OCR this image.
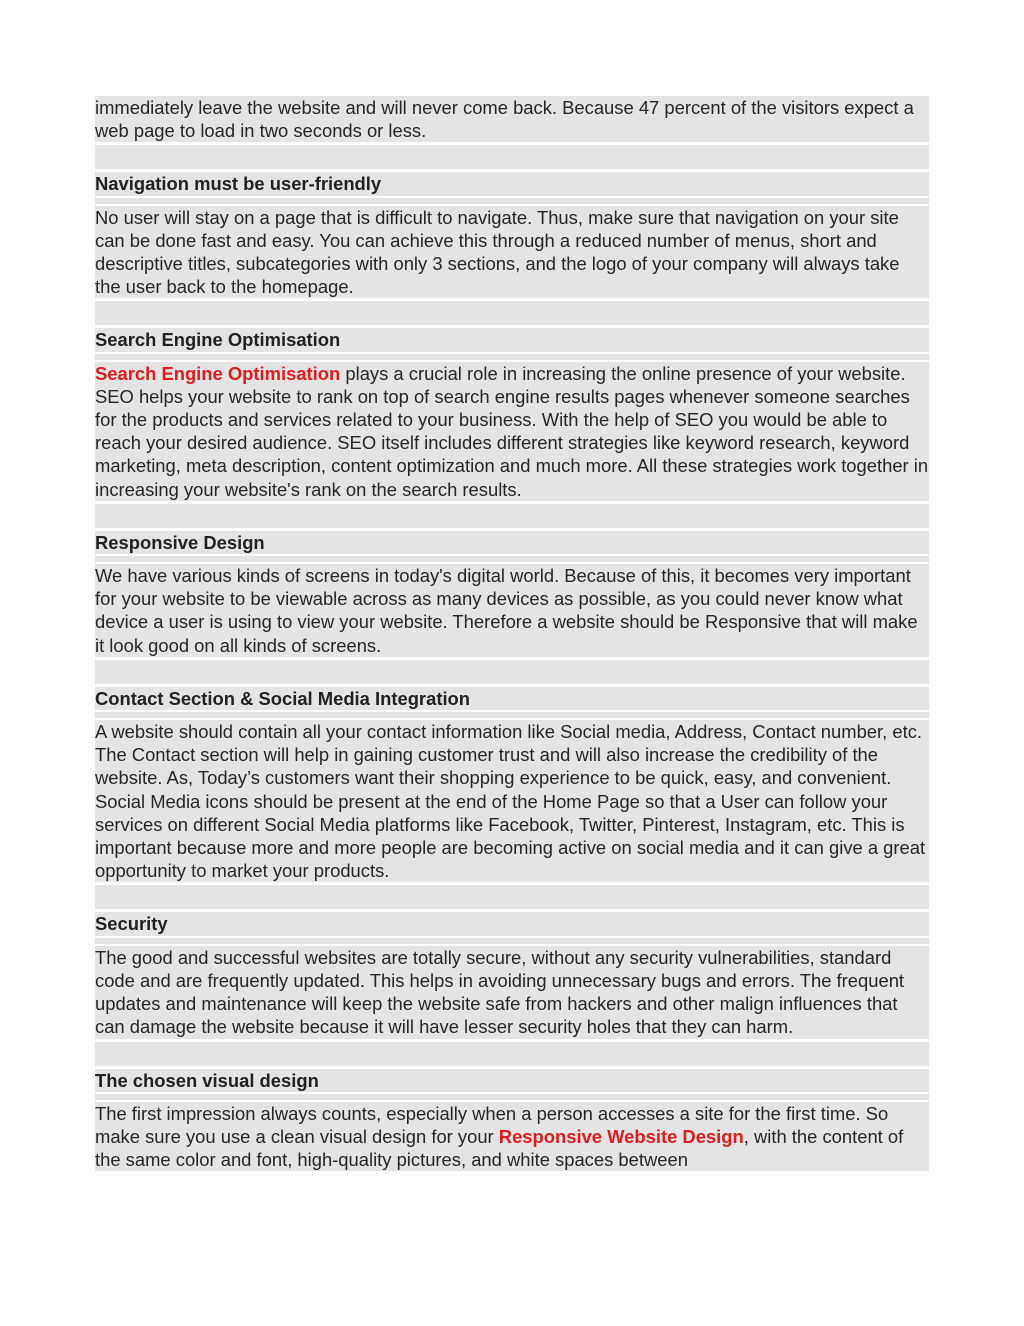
immediately leave the website and will never come back. Because 47 percent of the visitors expect a web page to load in two seconds or less.

Navigation must be user-friendly

No user will stay on a page that is difficult to navigate. Thus, make sure that navigation on your site can be done fast and easy. You can achieve this through a reduced number of menus, short and descriptive titles, subcategories with only 3 sections, and the logo of your company will always take the user back to the homepage.

Search Engine Optimisation

Search Engine Optimisation plays a crucial role in increasing the online presence of your website. SEO helps your website to rank on top of search engine results pages whenever someone searches for the products and services related to your business. With the help of SEO you would be able to reach your desired audience. SEO itself includes different strategies like keyword research, keyword marketing, meta description, content optimization and much more. All these strategies work together in increasing your website's rank on the search results.

Responsive Design

We have various kinds of screens in today's digital world. Because of this, it becomes very important for your website to be viewable across as many devices as possible, as you could never know what device a user is using to view your website. Therefore a website should be Responsive that will make it look good on all kinds of screens.

Contact Section & Social Media Integration

A website should contain all your contact information like Social media, Address, Contact number, etc. The Contact section will help in gaining customer trust and will also increase the credibility of the website. As, Today’s customers want their shopping experience to be quick, easy, and convenient. Social Media icons should be present at the end of the Home Page so that a User can follow your services on different Social Media platforms like Facebook, Twitter, Pinterest, Instagram, etc. This is important because more and more people are becoming active on social media and it can give a great opportunity to market your products.

Security

The good and successful websites are totally secure, without any security vulnerabilities, standard code and are frequently updated. This helps in avoiding unnecessary bugs and errors. The frequent updates and maintenance will keep the website safe from hackers and other malign influences that can damage the website because it will have lesser security holes that they can harm.

The chosen visual design

The first impression always counts, especially when a person accesses a site for the first time. So make sure you use a clean visual design for your Responsive Website Design, with the content of the same color and font, high-quality pictures, and white spaces between
